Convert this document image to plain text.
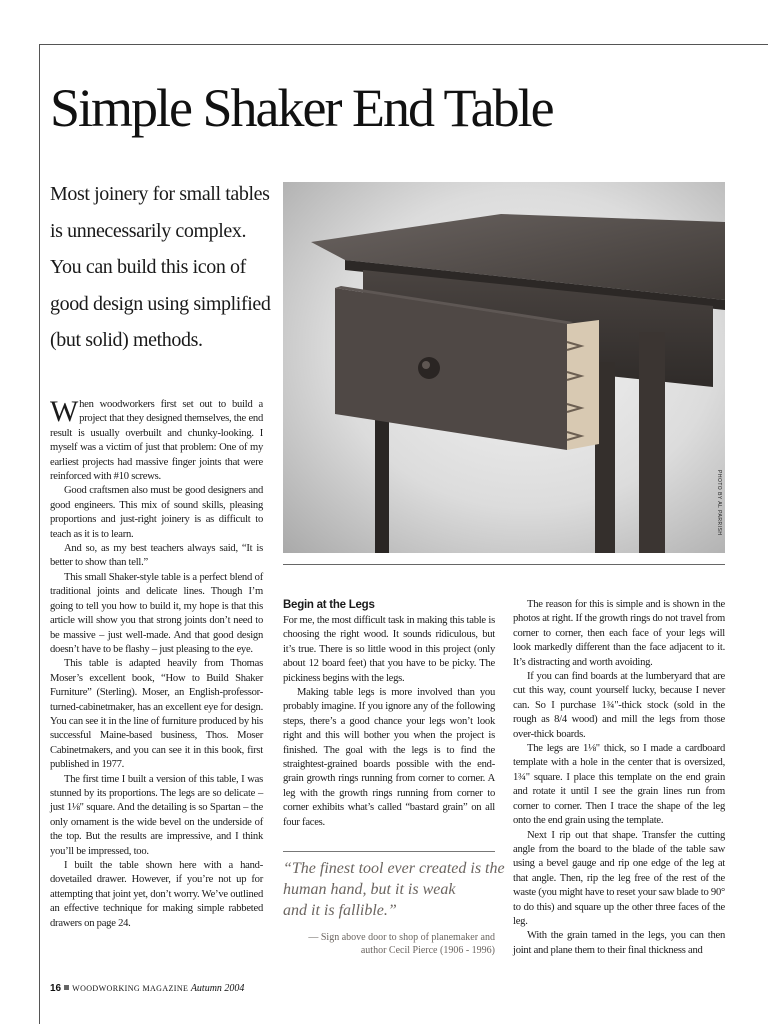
Simple Shaker End Table
Most joinery for small tables
is unnecessarily complex.
You can build this icon of
good design using simplified
(but solid) methods.
PHOTO BY AL PARRISH

When woodworkers first set out to build a project that they designed themselves, the end result is usually overbuilt and chunky-looking. I myself was a victim of just that problem: One of my earliest projects had massive finger joints that were reinforced with #10 screws.

Good craftsmen also must be good designers and good engineers. This mix of sound skills, pleasing proportions and just-right joinery is as difficult to teach as it is to learn.

And so, as my best teachers always said, “It is better to show than tell.”

This small Shaker-style table is a perfect blend of traditional joints and delicate lines. Though I’m going to tell you how to build it, my hope is that this article will show you that strong joints don’t need to be massive – just well-made. And that good design doesn’t have to be flashy – just pleasing to the eye.

This table is adapted heavily from Thomas Moser’s excellent book, “How to Build Shaker Furniture” (Sterling). Moser, an English-professor-turned-cabinetmaker, has an excellent eye for design. You can see it in the line of furniture produced by his successful Maine-based business, Thos. Moser Cabinetmakers, and you can see it in this book, first published in 1977.

The first time I built a version of this table, I was stunned by its proportions. The legs are so delicate – just 1⅛" square. And the detailing is so Spartan – the only ornament is the wide bevel on the underside of the top. But the results are impressive, and I think you’ll be impressed, too.

I built the table shown here with a hand-dovetailed drawer. However, if you’re not up for attempting that joint yet, don’t worry. We’ve outlined an effective technique for making simple rabbeted drawers on page 24.

Begin at the Legs

For me, the most difficult task in making this table is choosing the right wood. It sounds ridiculous, but it’s true. There is so little wood in this project (only about 12 board feet) that you have to be picky. The pickiness begins with the legs.

Making table legs is more involved than you probably imagine. If you ignore any of the following steps, there’s a good chance your legs won’t look right and this will bother you when the project is finished. The goal with the legs is to find the straightest-grained boards possible with the end-grain growth rings running from corner to corner. A leg with the growth rings running from corner to corner exhibits what’s called “bastard grain” on all four faces.

“The finest tool ever created is the
human hand, but it is weak
and it is fallible.”
— Sign above door to shop of planemaker and author Cecil Pierce (1906 - 1996)

The reason for this is simple and is shown in the photos at right. If the growth rings do not travel from corner to corner, then each face of your legs will look markedly different than the face adjacent to it. It’s distracting and worth avoiding.

If you can find boards at the lumberyard that are cut this way, count yourself lucky, because I never can. So I purchase 1¾"-thick stock (sold in the rough as 8/4 wood) and mill the legs from those over-thick boards.

The legs are 1⅛" thick, so I made a cardboard template with a hole in the center that is oversized, 1¾" square. I place this template on the end grain and rotate it until I see the grain lines run from corner to corner. Then I trace the shape of the leg onto the end grain using the template.

Next I rip out that shape. Transfer the cutting angle from the board to the blade of the table saw using a bevel gauge and rip one edge of the leg at that angle. Then, rip the leg free of the rest of the waste (you might have to reset your saw blade to 90° to do this) and square up the other three faces of the leg.

With the grain tamed in the legs, you can then joint and plane them to their final thickness and

16 WOODWORKING MAGAZINE Autumn 2004
